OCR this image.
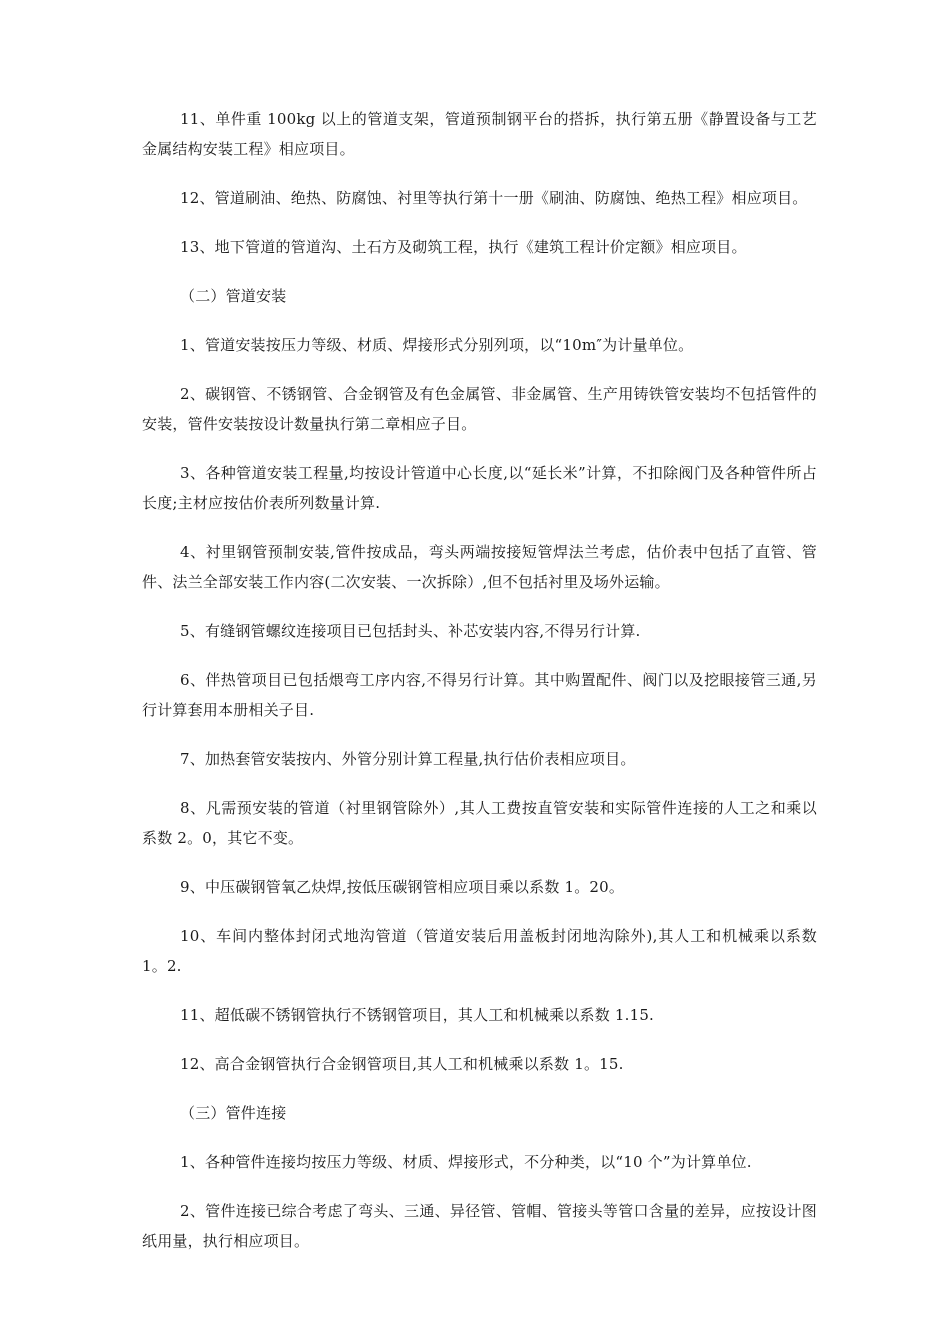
11、单件重 100kg 以上的管道支架，管道预制钢平台的搭拆，执行第五册《静置设备与工艺金属结构安装工程》相应项目。

12、管道刷油、绝热、防腐蚀、衬里等执行第十一册《刷油、防腐蚀、绝热工程》相应项目。

13、地下管道的管道沟、土石方及砌筑工程，执行《建筑工程计价定额》相应项目。

（二）管道安装

1、管道安装按压力等级、材质、焊接形式分别列项，以“10m″为计量单位。

2、碳钢管、不锈钢管、合金钢管及有色金属管、非金属管、生产用铸铁管安装均不包括管件的安装，管件安装按设计数量执行第二章相应子目。

3、各种管道安装工程量,均按设计管道中心长度,以“延长米”计算，不扣除阀门及各种管件所占长度;主材应按估价表所列数量计算.

4、衬里钢管预制安装,管件按成品，弯头两端按接短管焊法兰考虑，估价表中包括了直管、管件、法兰全部安装工作内容(二次安装、一次拆除）,但不包括衬里及场外运输。

5、有缝钢管螺纹连接项目已包括封头、补芯安装内容,不得另行计算.

6、伴热管项目已包括煨弯工序内容,不得另行计算。其中购置配件、阀门以及挖眼接管三通,另行计算套用本册相关子目.

7、加热套管安装按内、外管分别计算工程量,执行估价表相应项目。

8、凡需预安装的管道（衬里钢管除外）,其人工费按直管安装和实际管件连接的人工之和乘以系数 2。0，其它不变。

9、中压碳钢管氧乙炔焊,按低压碳钢管相应项目乘以系数 1。20。

10、车间内整体封闭式地沟管道（管道安装后用盖板封闭地沟除外),其人工和机械乘以系数 1。2.

11、超低碳不锈钢管执行不锈钢管项目，其人工和机械乘以系数 1.15.

12、高合金钢管执行合金钢管项目,其人工和机械乘以系数 1。15.

（三）管件连接

1、各种管件连接均按压力等级、材质、焊接形式，不分种类，以“10 个”为计算单位.

2、管件连接已综合考虑了弯头、三通、异径管、管帽、管接头等管口含量的差异，应按设计图纸用量，执行相应项目。
